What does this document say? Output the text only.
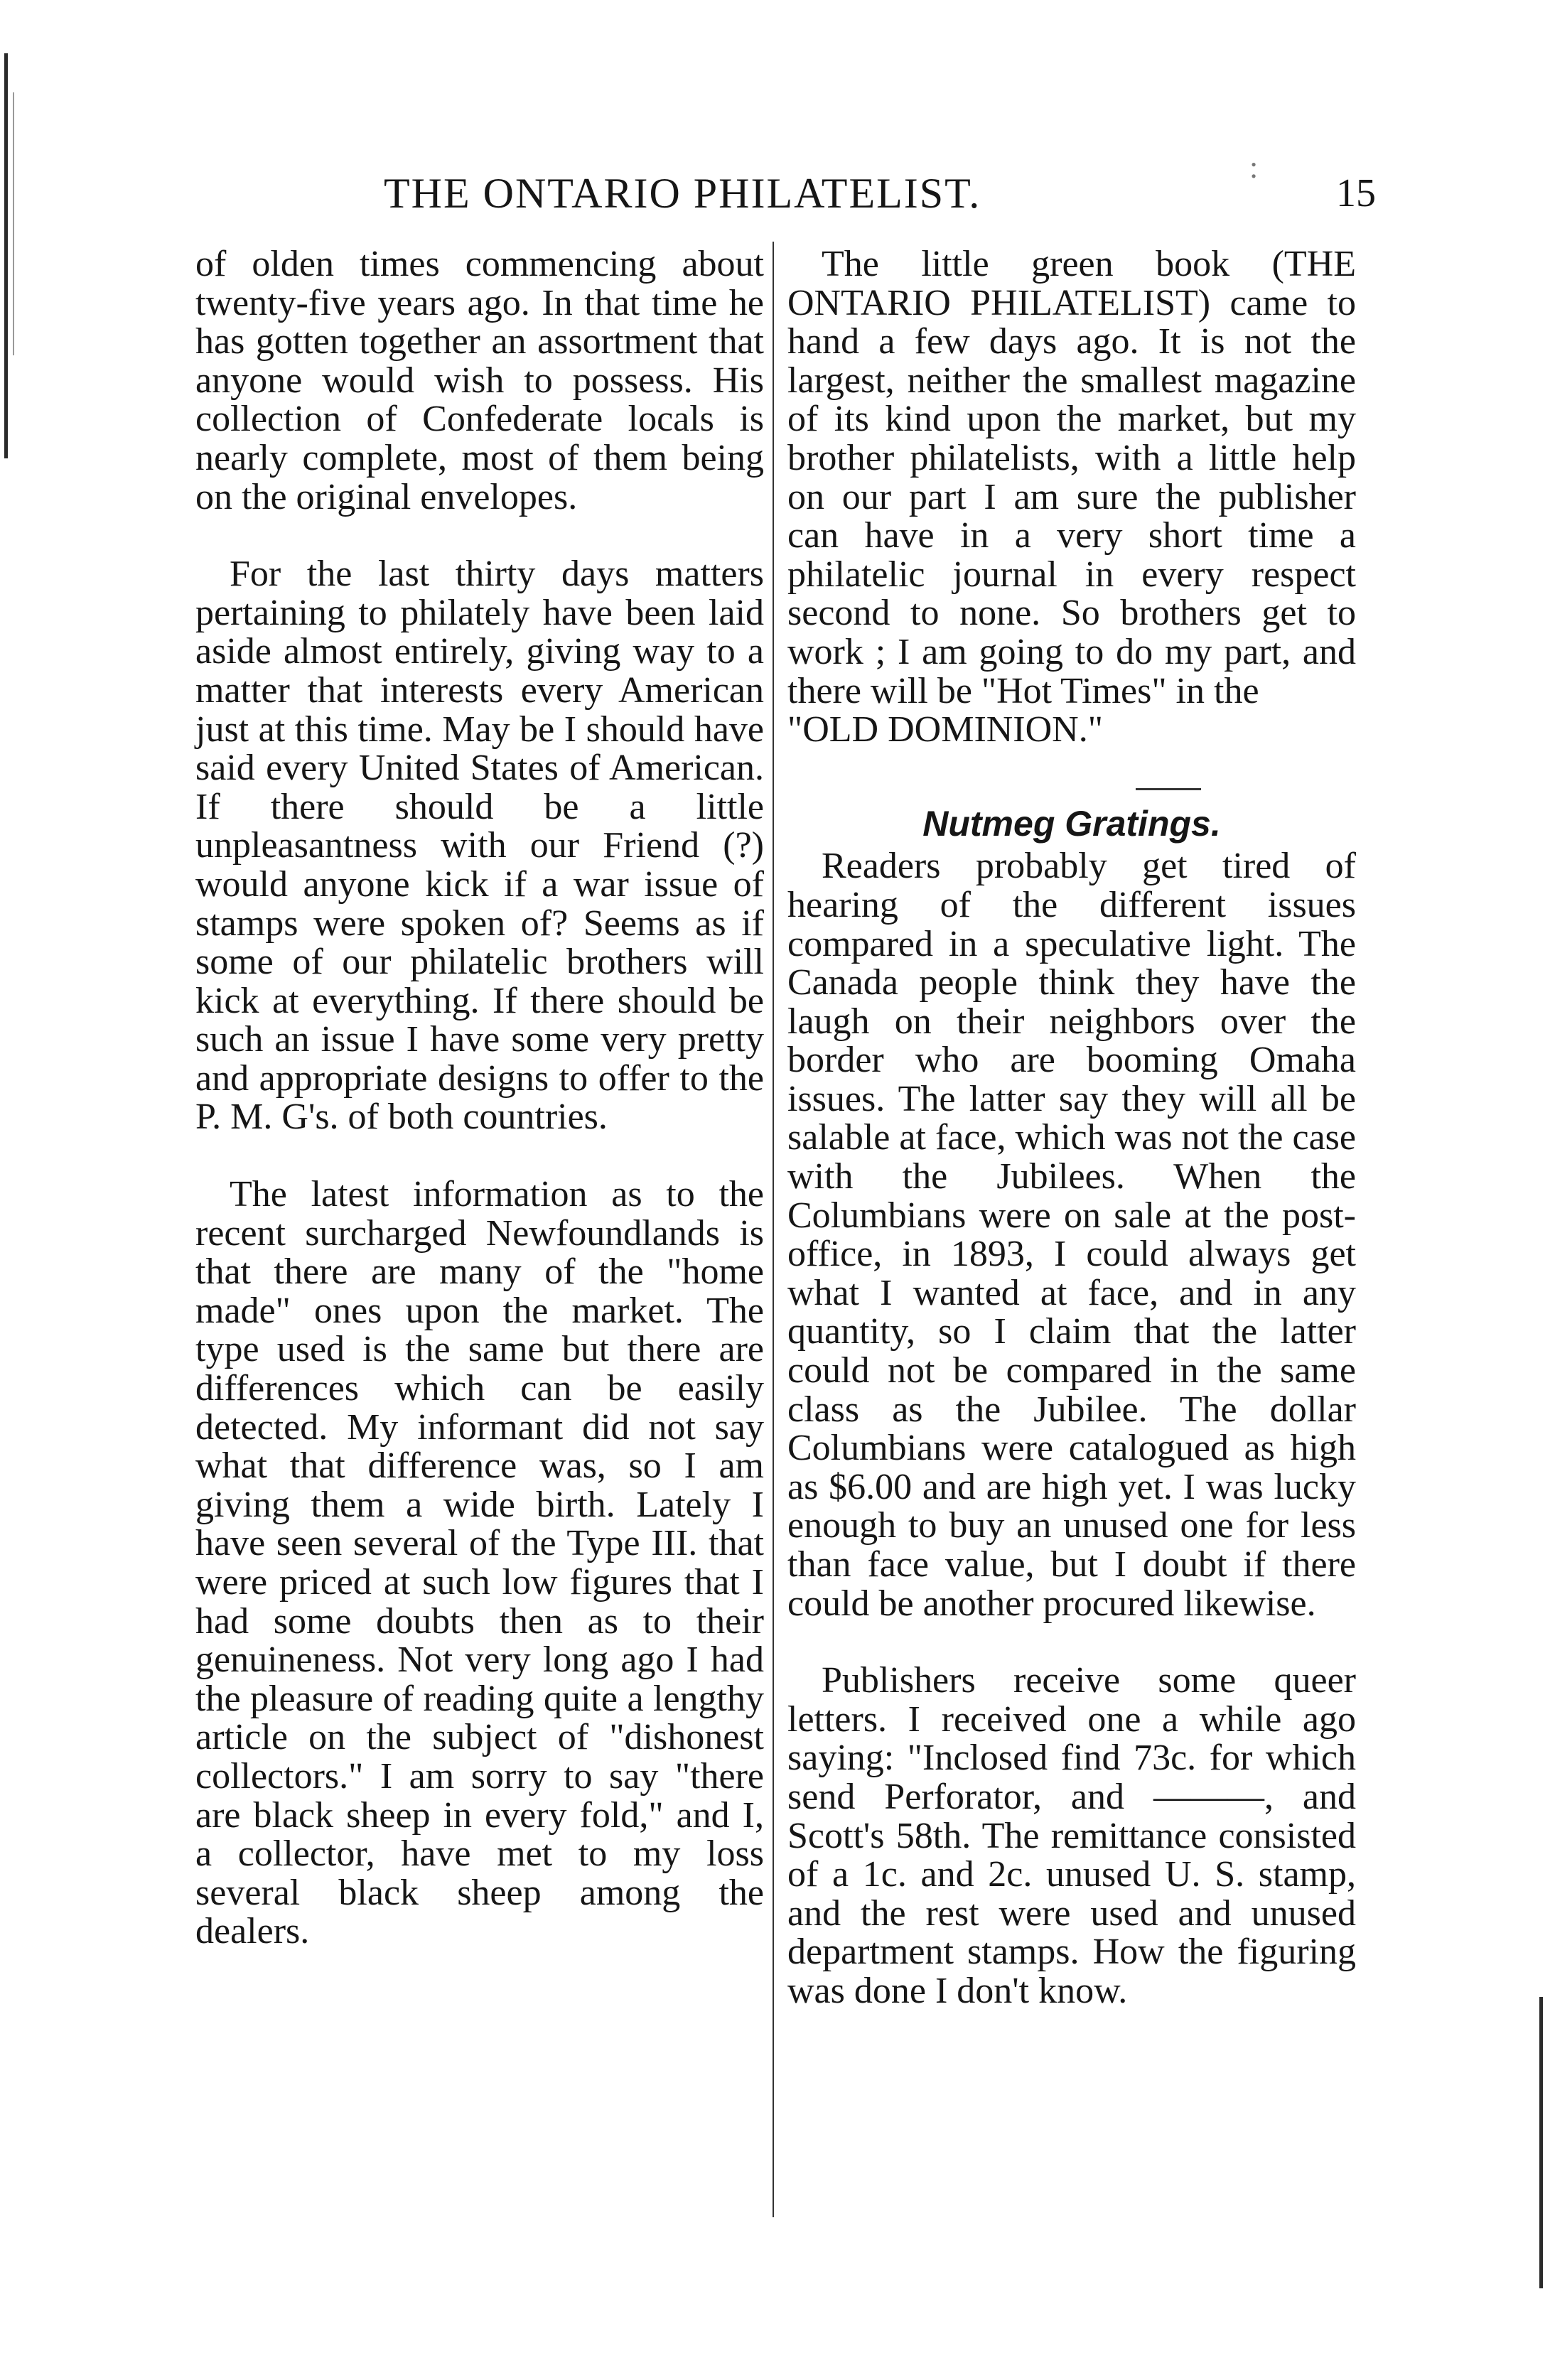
:
THE ONTARIO PHILATELIST.	15

of olden times commencing about twenty-five years ago. In that time he has gotten together an assortment that anyone would wish to possess. His collection of Confederate locals is nearly complete, most of them being on the original envelopes.

For the last thirty days matters pertaining to philately have been laid aside almost entirely, giving way to a matter that interests every American just at this time. May be I should have said every United States of American. If there should be a little unpleasantness with our Friend (?) would anyone kick if a war issue of stamps were spoken of? Seems as if some of our philatelic brothers will kick at everything. If there should be such an issue I have some very pretty and appropriate designs to offer to the P. M. G's. of both countries.

The latest information as to the recent surcharged Newfoundlands is that there are many of the "home made" ones upon the market. The type used is the same but there are differences which can be easily detected. My informant did not say what that difference was, so I am giving them a wide birth. Lately I have seen several of the Type III. that were priced at such low figures that I had some doubts then as to their genuineness. Not very long ago I had the pleasure of reading quite a lengthy article on the subject of "dishonest collectors." I am sorry to say "there are black sheep in every fold," and I, a collector, have met to my loss several black sheep among the dealers.

The little green book (THE ONTARIO PHILATELIST) came to hand a few days ago. It is not the largest, neither the smallest magazine of its kind upon the market, but my brother philatelists, with a little help on our part I am sure the publisher can have in a very short time a philatelic journal in every respect second to none. So brothers get to work ; I am going to do my part, and there will be "Hot Times" in the

"OLD DOMINION."

Nutmeg Gratings.

Readers probably get tired of hearing of the different issues compared in a speculative light. The Canada people think they have the laugh on their neighbors over the border who are booming Omaha issues. The latter say they will all be salable at face, which was not the case with the Jubilees. When the Columbians were on sale at the post-office, in 1893, I could always get what I wanted at face, and in any quantity, so I claim that the latter could not be compared in the same class as the Jubilee. The dollar Columbians were catalogued as high as $6.00 and are high yet. I was lucky enough to buy an unused one for less than face value, but I doubt if there could be another procured likewise.

Publishers receive some queer letters. I received one a while ago saying: "Inclosed find 73c. for which send Perforator, and ———, and Scott's 58th. The remittance consisted of a 1c. and 2c. unused U. S. stamp, and the rest were used and unused department stamps. How the figuring was done I don't know.
